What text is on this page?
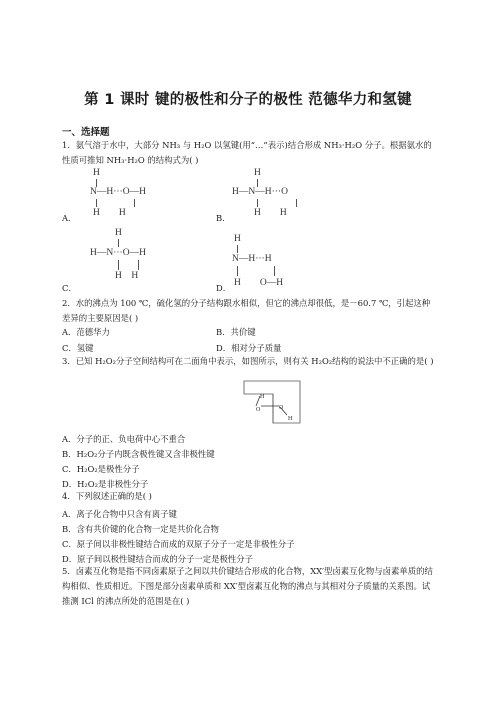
第 1 课时 键的极性和分子的极性 范德华力和氢键
一、选择题
1．氨气溶于水中，大部分 NH₃ 与 H₂O 以氢键(用“…”表示)结合形成 NH₃·H₂O 分子。根据氨水的性质可推知 NH₃·H₂O 的结构式为( )
H
N—H···O—H
H        H
A．
H
H—N—H···O
H        H
B．
H
H—N···O—H
H    H
C．
H
N—H···H
H        O—H
D．
2．水的沸点为 100 ℃，硫化氢的分子结构跟水相似，但它的沸点却很低，是－60.7 ℃，引起这种差异的主要原因是( )
A．范德华力	B．共价键
C．氢键	D．相对分子质量
3．已知 H₂O₂分子空间结构可在二面角中表示，如图所示，则有关 H₂O₂结构的说法中不正确的是( )
H
O	O
H
A．分子的正、负电荷中心不重合
B．H₂O₂分子内既含极性键又含非极性键
C．H₂O₂是极性分子
D．H₂O₂是非极性分子
4．下列叙述正确的是( )
A．离子化合物中只含有离子键
B．含有共价键的化合物一定是共价化合物
C．原子间以非极性键结合而成的双原子分子一定是非极性分子
D．原子间以极性键结合而成的分子一定是极性分子
5．卤素互化物是指不同卤素原子之间以共价键结合形成的化合物，XX′型卤素互化物与卤素单质的结构相似、性质相近。下图是部分卤素单质和 XX′型卤素互化物的沸点与其相对分子质量的关系图。试推测 ICl 的沸点所处的范围是在( )
